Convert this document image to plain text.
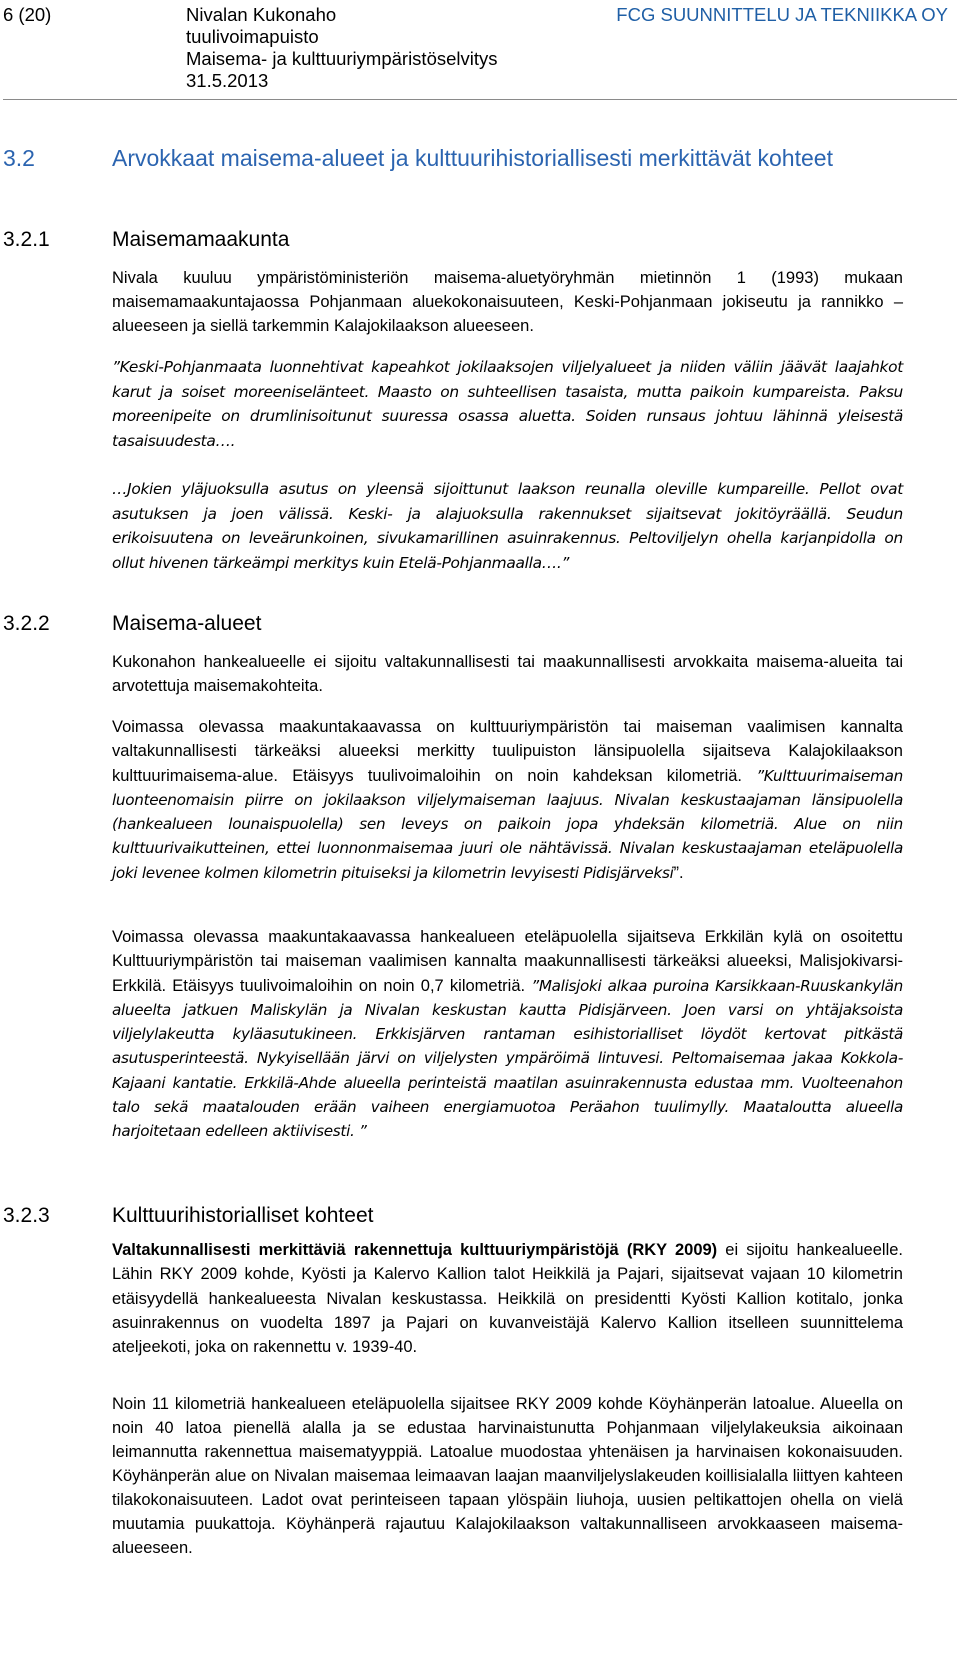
6 (20)	Nivalan Kukonaho
tuulivoimapuisto
Maisema- ja kulttuuriympäristöselvitys
31.5.2013
FCG SUUNNITTELU JA TEKNIIKKA OY
3.2	Arvokkaat maisema-alueet ja kulttuurihistoriallisesti merkittävät kohteet
3.2.1	Maisemamaakunta
Nivala kuuluu ympäristöministeriön maisema-aluetyöryhmän mietinnön 1 (1993) mukaan maisemamaakuntajaossa Pohjanmaan aluekokonaisuuteen, Keski-Pohjanmaan jokiseutu ja rannikko –alueeseen ja siellä tarkemmin Kalajokilaakson alueeseen.
”Keski-Pohjanmaata luonnehtivat kapeahkot jokilaaksojen viljelyalueet ja niiden väliin jäävät laajahkot karut ja soiset moreeniselänteet. Maasto on suhteellisen tasaista, mutta paikoin kumpareista. Paksu moreenipeite on drumlinisoitunut suuressa osassa aluetta. Soiden runsaus johtuu lähinnä yleisestä tasaisuudesta….
…Jokien yläjuoksulla asutus on yleensä sijoittunut laakson reunalla oleville kumpareille. Pellot ovat asutuksen ja joen välissä. Keski- ja alajuoksulla rakennukset sijaitsevat jokitöyräällä. Seudun erikoisuutena on leveärunkoinen, sivukamarillinen asuinrakennus. Peltoviljelyn ohella karjanpidolla on ollut hivenen tärkeämpi merkitys kuin Etelä-Pohjanmaalla….”
3.2.2	Maisema-alueet
Kukonahon hankealueelle ei sijoitu valtakunnallisesti tai maakunnallisesti arvokkaita maisema-alueita tai arvotettuja maisemakohteita.
Voimassa olevassa maakuntakaavassa on kulttuuriympäristön tai maiseman vaalimisen kannalta valtakunnallisesti tärkeäksi alueeksi merkitty tuulipuiston länsipuolella sijaitseva Kalajokilaakson kulttuurimaisema-alue. Etäisyys tuulivoimaloihin on noin kahdeksan kilometriä. ”Kulttuurimaiseman luonteenomaisin piirre on jokilaakson viljelymaiseman laajuus. Nivalan keskustaajaman länsipuolella (hankealueen lounaispuolella) sen leveys on paikoin jopa yhdeksän kilometriä. Alue on niin kulttuurivaikutteinen, ettei luonnonmaisemaa juuri ole nähtävissä. Nivalan keskustaajaman eteläpuolella joki levenee kolmen kilometrin pituiseksi ja kilometrin levyisesti Pidisjärveksi”.
Voimassa olevassa maakuntakaavassa hankealueen eteläpuolella sijaitseva Erkkilän kylä on osoitettu Kulttuuriympäristön tai maiseman vaalimisen kannalta maakunnallisesti tärkeäksi alueeksi, Malisjokivarsi-Erkkilä. Etäisyys tuulivoimaloihin on noin 0,7 kilometriä. ”Malisjoki alkaa puroina Karsikkaan-Ruuskankylän alueelta jatkuen Maliskylän ja Nivalan keskustan kautta Pidisjärveen. Joen varsi on yhtäjaksoista viljelylakeutta kyläasutukineen. Erkkisjärven rantaman esihistorialliset löydöt kertovat pitkästä asutusperinteestä. Nykyisellään järvi on viljelysten ympäröimä lintuvesi. Peltomaisemaa jakaa Kokkola-Kajaani kantatie. Erkkilä-Ahde alueella perinteistä maatilan asuinrakennusta edustaa mm. Vuolteenahon talo sekä maatalouden erään vaiheen energiamuotoa Peräahon tuulimylly. Maataloutta alueella harjoitetaan edelleen aktiivisesti. ”
3.2.3	Kulttuurihistorialliset kohteet
Valtakunnallisesti merkittäviä rakennettuja kulttuuriympäristöjä (RKY 2009) ei sijoitu hankealueelle. Lähin RKY 2009 kohde, Kyösti ja Kalervo Kallion talot Heikkilä ja Pajari, sijaitsevat vajaan 10 kilometrin etäisyydellä hankealueesta Nivalan keskustassa. Heikkilä on presidentti Kyösti Kallion kotitalo, jonka asuinrakennus on vuodelta 1897 ja Pajari on kuvanveistäjä Kalervo Kallion itselleen suunnittelema ateljeekoti, joka on rakennettu v. 1939-40.
Noin 11 kilometriä hankealueen eteläpuolella sijaitsee RKY 2009 kohde Köyhänperän latoalue. Alueella on noin 40 latoa pienellä alalla ja se edustaa harvinaistunutta Pohjanmaan viljelylakeuksia aikoinaan leimannutta rakennettua maisematyyppiä. Latoalue muodostaa yhtenäisen ja harvinaisen kokonaisuuden. Köyhänperän alue on Nivalan maisemaa leimaavan laajan maanviljelyslakeuden koillisialalla liittyen kahteen tilakokonaisuuteen. Ladot ovat perinteiseen tapaan ylöspäin liuhoja, uusien peltikattojen ohella on vielä muutamia puukattoja. Köyhänperä rajautuu Kalajokilaakson valtakunnalliseen arvokkaaseen maisema-alueeseen.
